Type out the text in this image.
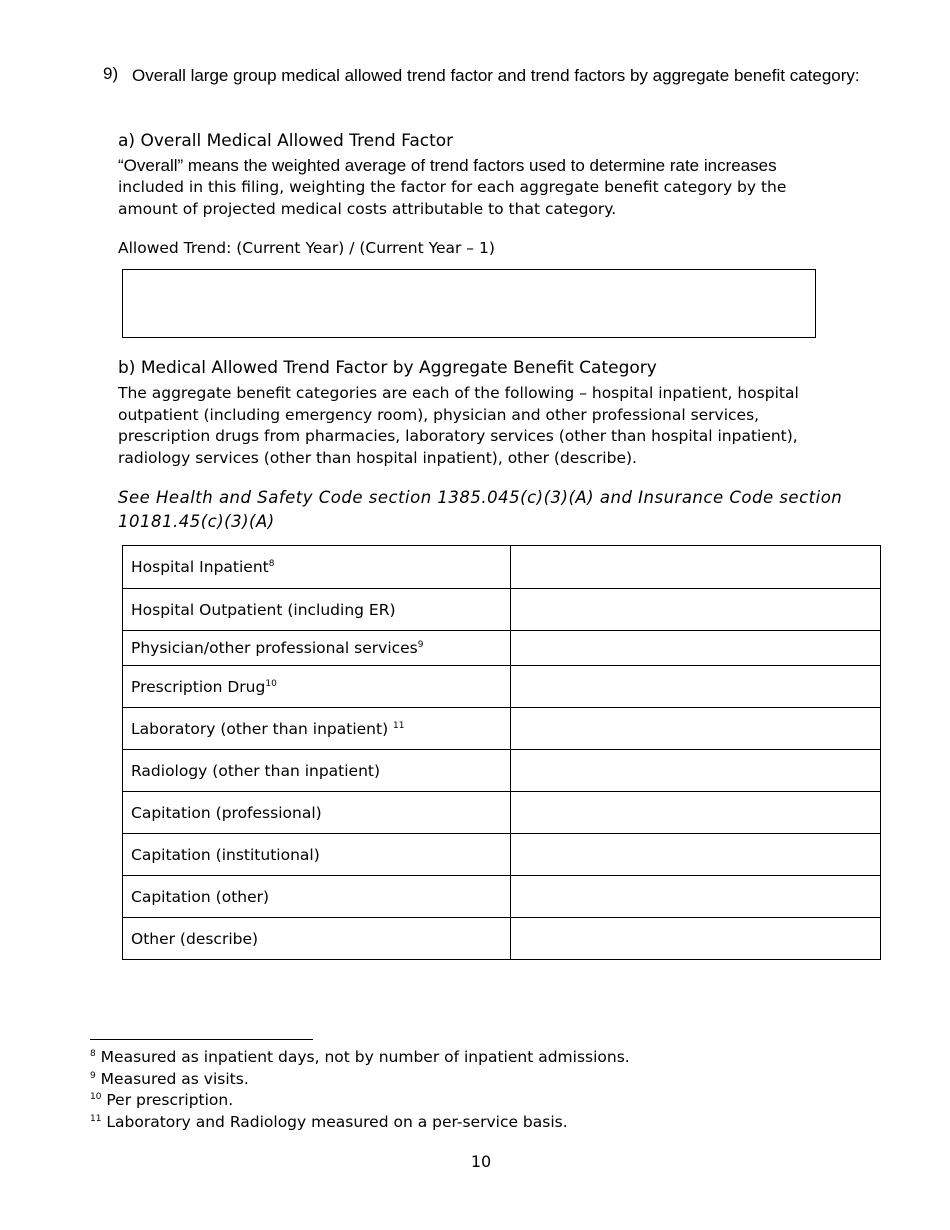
9) Overall large group medical allowed trend factor and trend factors by aggregate benefit category:
a) Overall Medical Allowed Trend Factor
“Overall” means the weighted average of trend factors used to determine rate increases
included in this filing, weighting the factor for each aggregate benefit category by the amount of projected medical costs attributable to that category.
Allowed Trend: (Current Year) / (Current Year – 1)
b) Medical Allowed Trend Factor by Aggregate Benefit Category
The aggregate benefit categories are each of the following – hospital inpatient, hospital outpatient (including emergency room), physician and other professional services, prescription drugs from pharmacies, laboratory services (other than hospital inpatient), radiology services (other than hospital inpatient), other (describe).
See Health and Safety Code section 1385.045(c)(3)(A) and Insurance Code section 10181.45(c)(3)(A)
Hospital Inpatient$^8$	
Hospital Outpatient (including ER)	
Physician/other professional services$^9$	
Prescription Drug$^{10}$	
Laboratory (other than inpatient) $^{11}$	
Radiology (other than inpatient)	
Capitation (professional)	
Capitation (institutional)	
Capitation (other)	
Other (describe)	
$^8$ Measured as inpatient days, not by number of inpatient admissions.
$^9$ Measured as visits.
$^{10}$ Per prescription.
$^{11}$ Laboratory and Radiology measured on a per-service basis.
10
